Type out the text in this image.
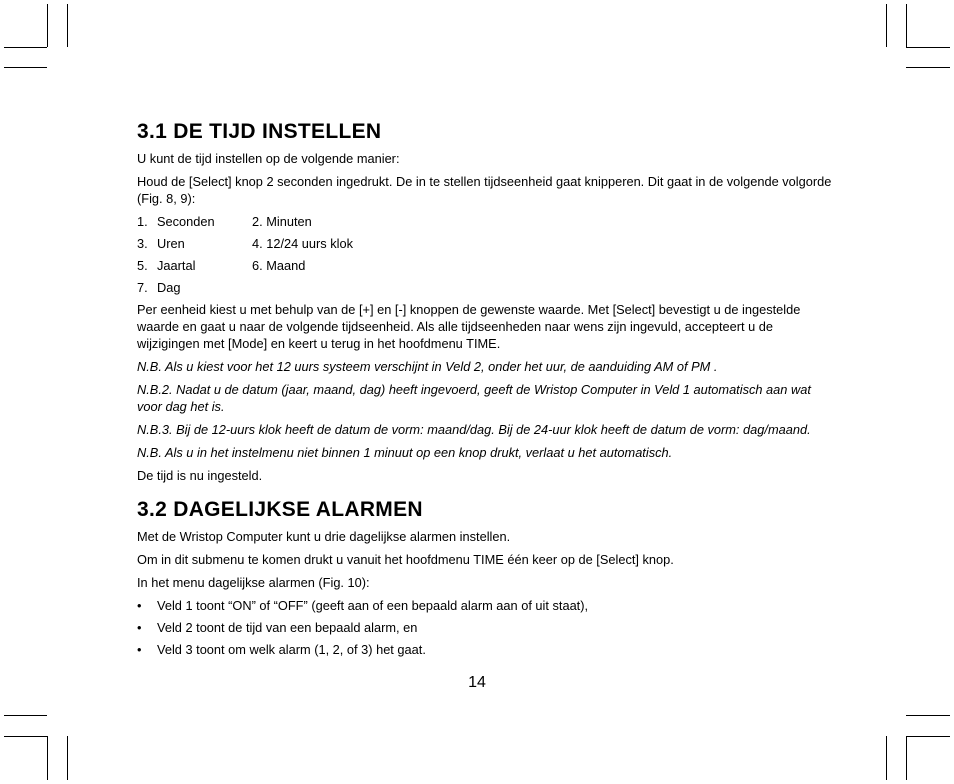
3.1 DE TIJD INSTELLEN

U kunt de tijd instellen op de volgende manier:

Houd de [Select] knop 2 seconden ingedrukt. De in te stellen tijdseenheid gaat knipperen. Dit gaat in de volgende volgorde (Fig. 8, 9):

1. Seconden	2. Minuten
3. Uren	4. 12/24 uurs klok
5. Jaartal	6. Maand
7. Dag

Per eenheid kiest u met behulp van de [+] en [-] knoppen de gewenste waarde. Met [Select] bevestigt u de ingestelde waarde en gaat u naar de volgende tijdseenheid. Als alle tijdseenheden naar wens zijn ingevuld, accepteert u de wijzigingen met [Mode] en keert u terug in het hoofdmenu TIME.

N.B. Als u kiest voor het 12 uurs systeem verschijnt in Veld 2, onder het uur, de aanduiding AM of PM .

N.B.2. Nadat u de datum (jaar, maand, dag) heeft ingevoerd, geeft de Wristop Computer in Veld 1 automatisch aan wat voor dag het is.

N.B.3. Bij de 12-uurs klok heeft de datum de vorm: maand/dag. Bij de 24-uur klok heeft de datum de vorm: dag/maand.

N.B. Als u in het instelmenu niet binnen 1 minuut op een knop drukt, verlaat u het automatisch.

De tijd is nu ingesteld.

3.2 DAGELIJKSE ALARMEN

Met de Wristop Computer kunt u drie dagelijkse alarmen instellen.

Om in dit submenu te komen drukt u vanuit het hoofdmenu TIME één keer op de [Select] knop.

In het menu dagelijkse alarmen (Fig. 10):

•	Veld 1 toont “ON” of “OFF” (geeft aan of een bepaald alarm aan of uit staat),
•	Veld 2 toont de tijd van een bepaald alarm, en
•	Veld 3 toont om welk alarm (1, 2, of 3) het gaat.
14
